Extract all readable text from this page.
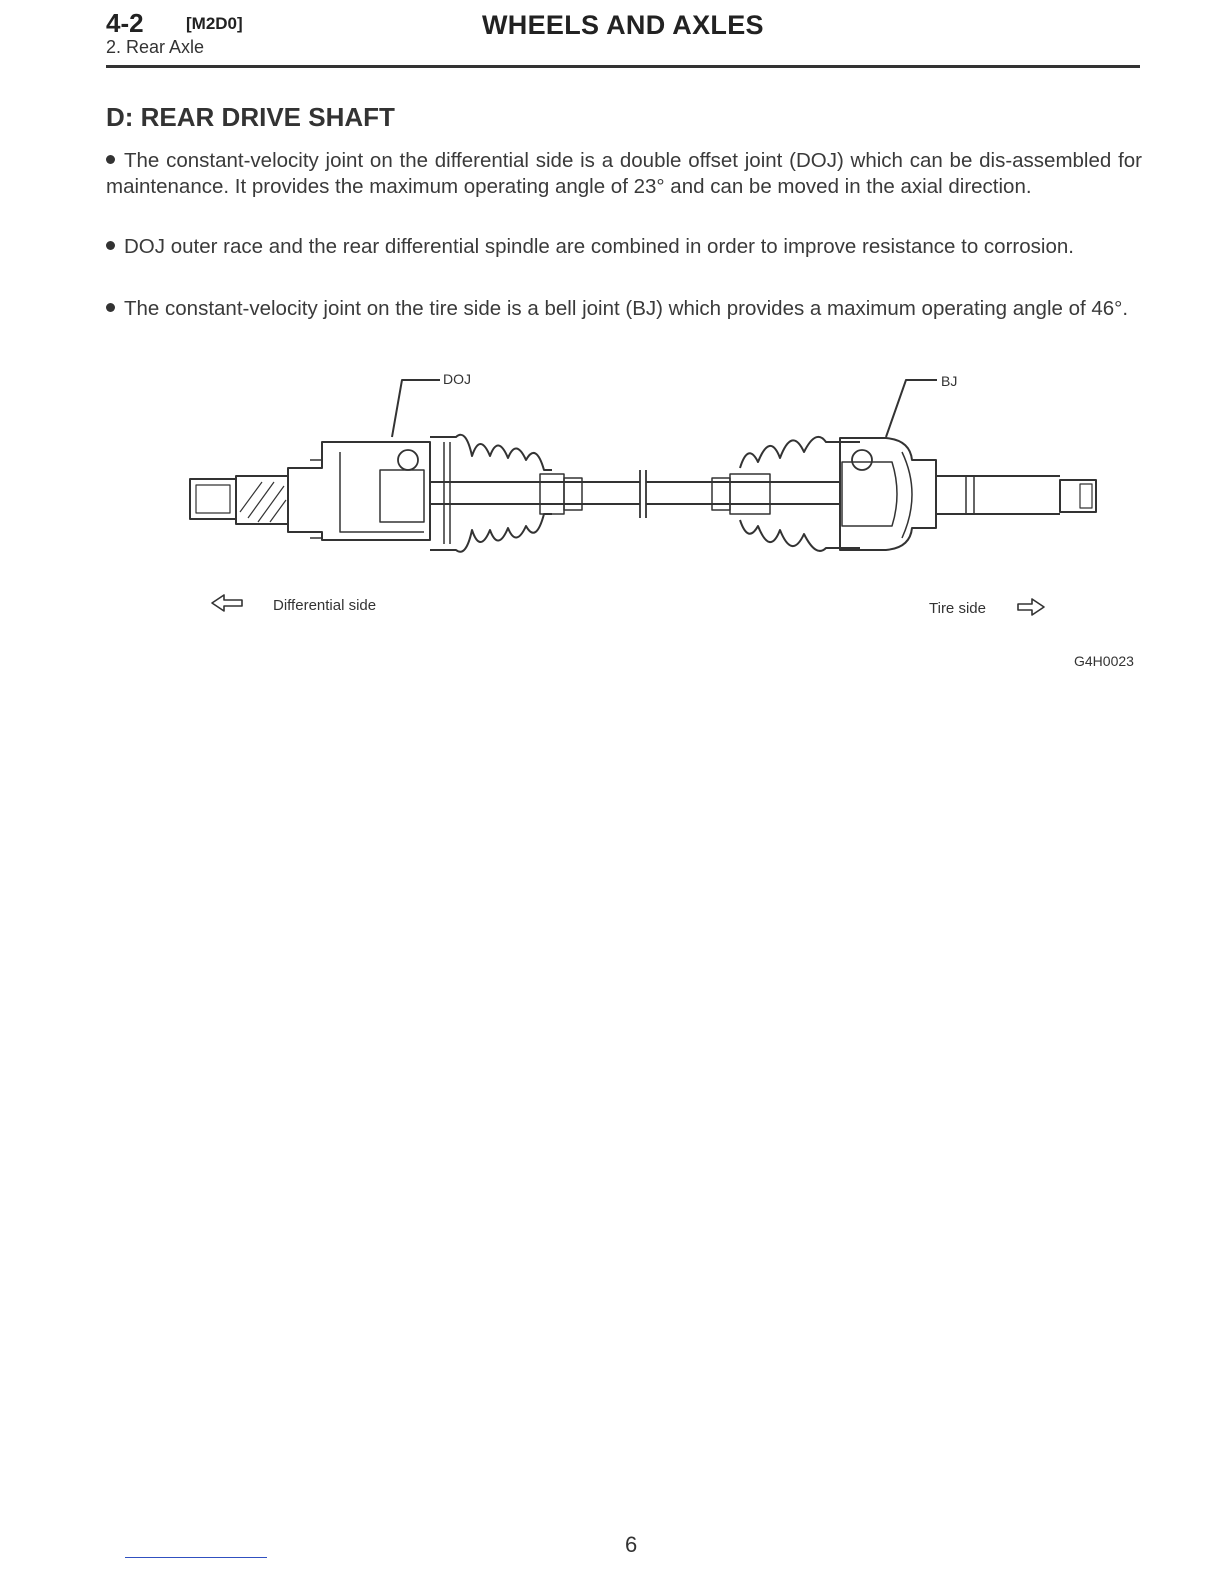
4-2 [M2D0]
2. Rear Axle
WHEELS AND AXLES
D: REAR DRIVE SHAFT
The constant-velocity joint on the differential side is a double offset joint (DOJ) which can be dis-assembled for maintenance. It provides the maximum operating angle of 23° and can be moved in the axial direction.
DOJ outer race and the rear differential spindle are combined in order to improve resistance to corrosion.
The constant-velocity joint on the tire side is a bell joint (BJ) which provides a maximum operating angle of 46°.
DOJ	BJ
Differential side	Tire side
G4H0023
6
